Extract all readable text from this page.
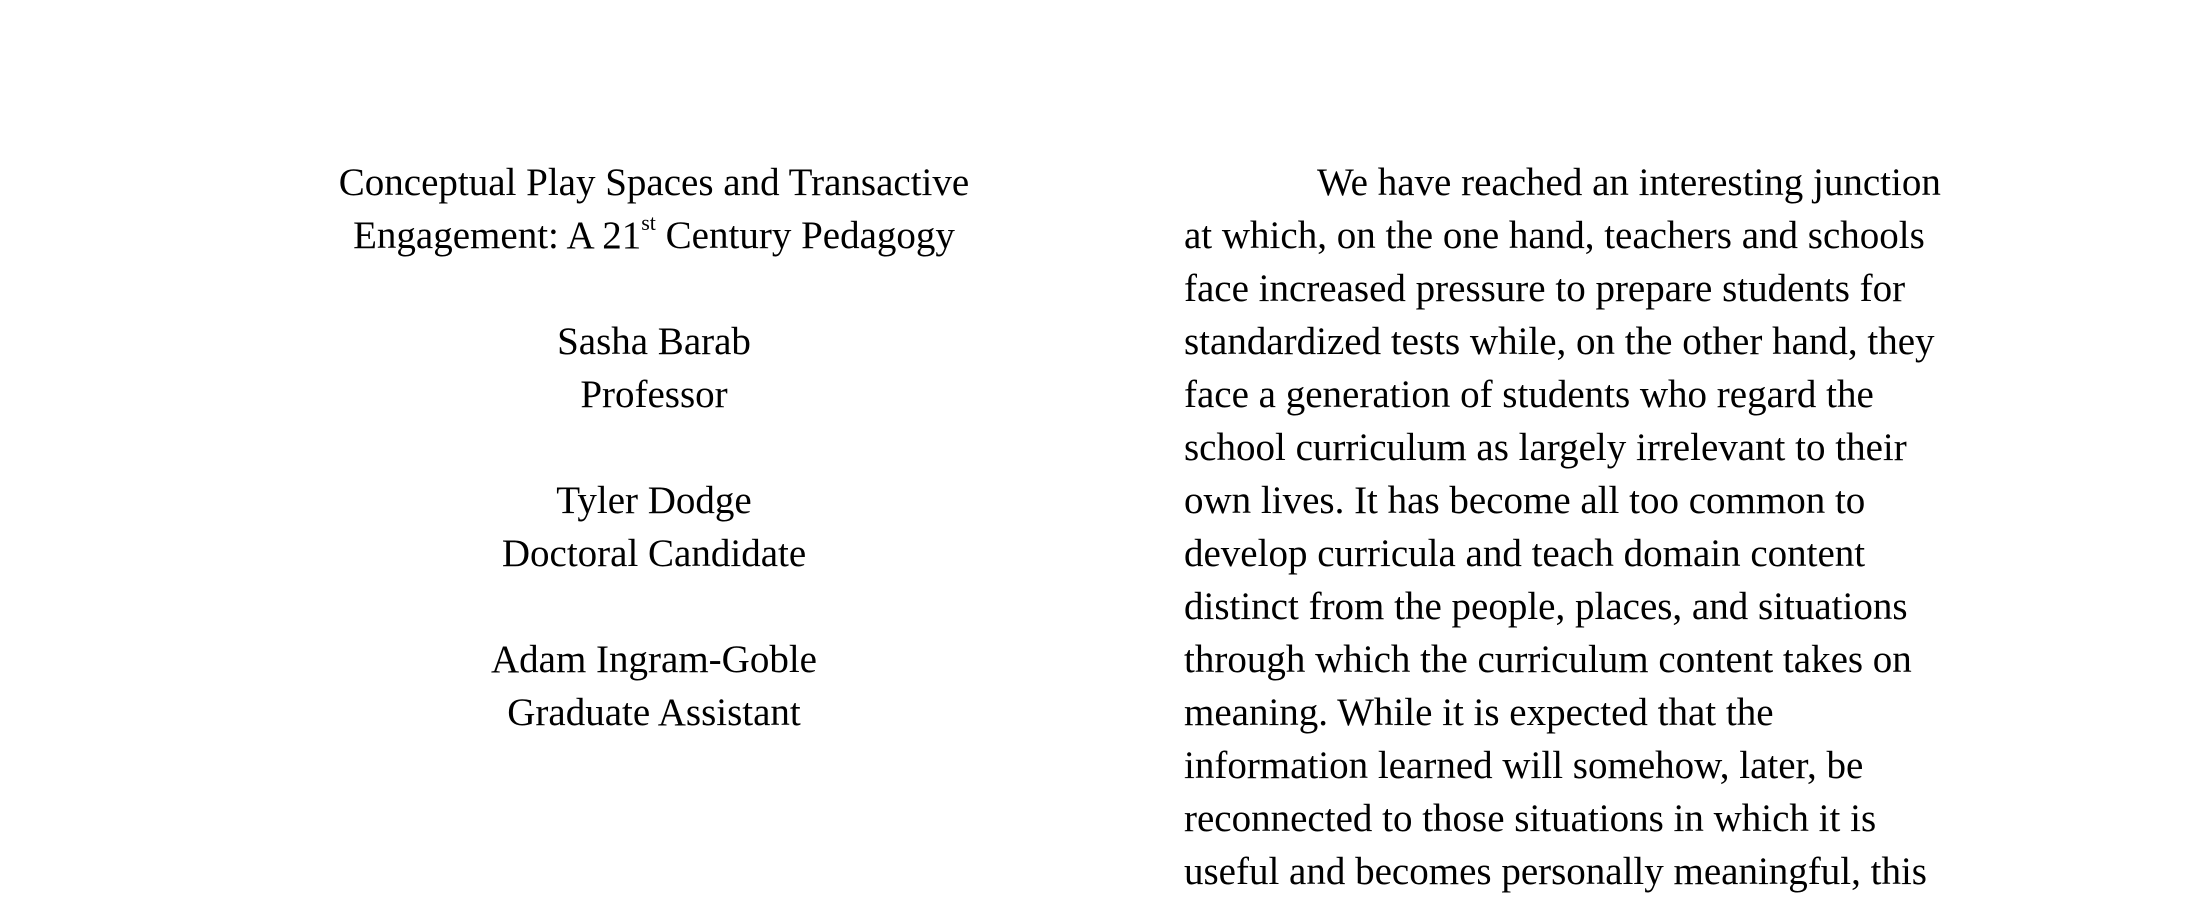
Conceptual Play Spaces and Transactive
Engagement: A 21st Century Pedagogy
Sasha Barab
Professor
Tyler Dodge
Doctoral Candidate
Adam Ingram-Goble
Graduate Assistant
We have reached an interesting junction
at which, on the one hand, teachers and schools
face increased pressure to prepare students for
standardized tests while, on the other hand, they
face a generation of students who regard the
school curriculum as largely irrelevant to their
own lives. It has become all too common to
develop curricula and teach domain content
distinct from the people, places, and situations
through which the curriculum content takes on
meaning. While it is expected that the
information learned will somehow, later, be
reconnected to those situations in which it is
useful and becomes personally meaningful, this
